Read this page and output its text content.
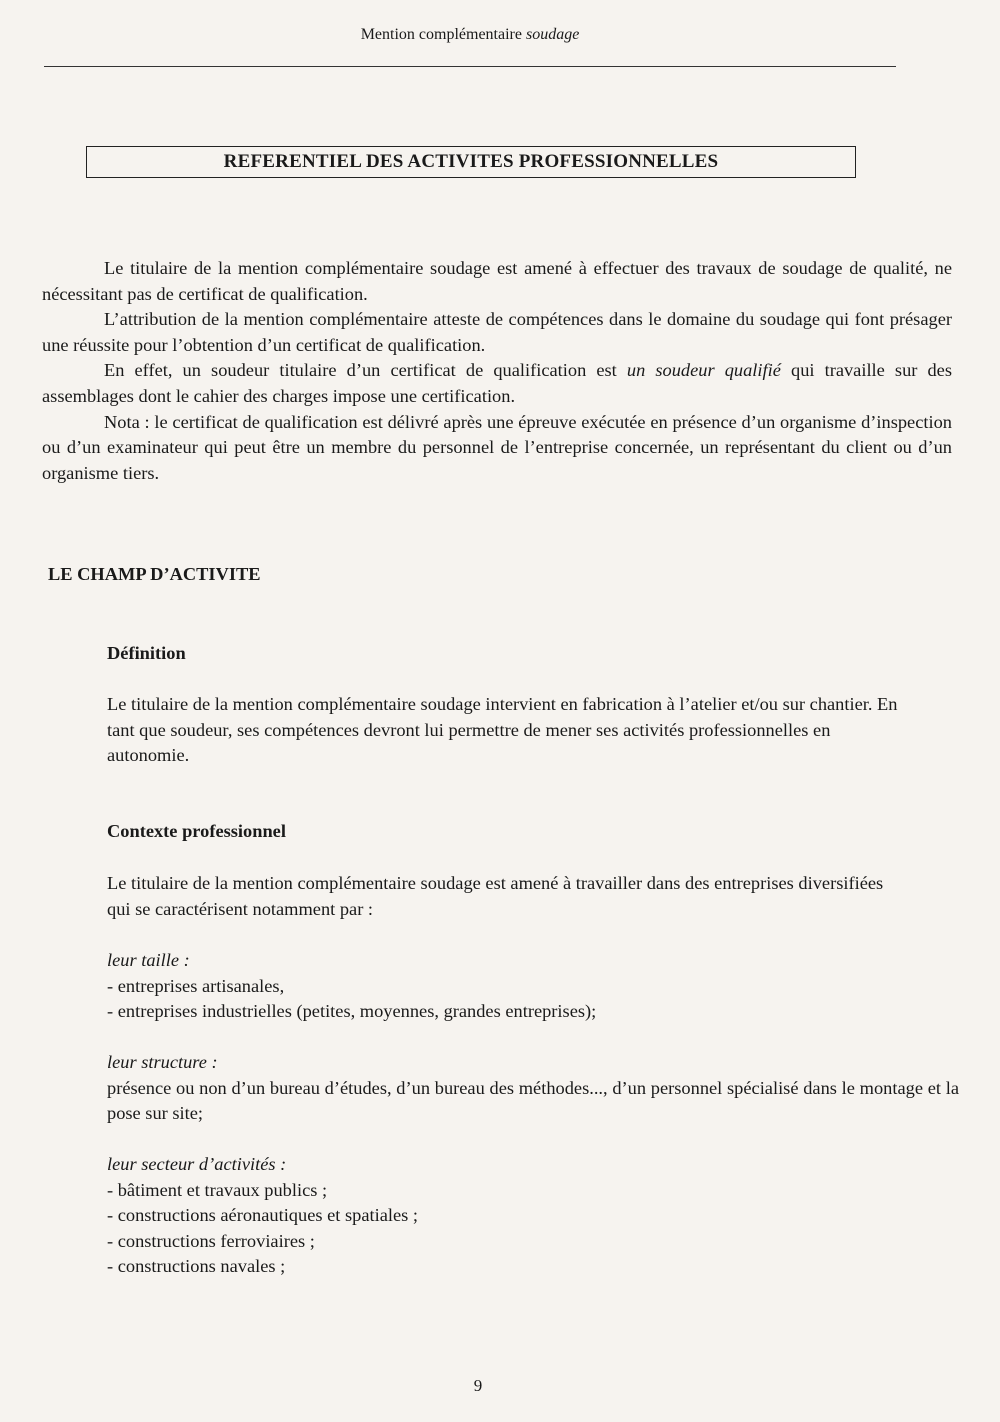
Mention complémentaire soudage
REFERENTIEL DES ACTIVITES PROFESSIONNELLES

Le titulaire de la mention complémentaire soudage est amené à effectuer des travaux de soudage de qualité, ne nécessitant pas de certificat de qualification.

L’attribution de la mention complémentaire atteste de compétences dans le domaine du soudage qui font présager une réussite pour l’obtention d’un certificat de qualification.

En effet, un soudeur titulaire d’un certificat de qualification est un soudeur qualifié qui travaille sur des assemblages dont le cahier des charges impose une certification.

Nota : le certificat de qualification est délivré après une épreuve exécutée en présence d’un organisme d’inspection ou d’un examinateur qui peut être un membre du personnel de l’entreprise concernée, un représentant du client ou d’un organisme tiers.

LE CHAMP D’ACTIVITE
Définition

Le titulaire de la mention complémentaire soudage intervient en fabrication à l’atelier et/ou sur chantier. En tant que soudeur, ses compétences devront lui permettre de mener ses activités professionnelles en autonomie.

Contexte professionnel

Le titulaire de la mention complémentaire soudage est amené à travailler dans des entreprises diversifiées qui se caractérisent notamment par :

leur taille :
- entreprises artisanales,
- entreprises industrielles (petites, moyennes, grandes entreprises);
leur structure :
présence ou non d’un bureau d’études, d’un bureau des méthodes..., d’un personnel spécialisé dans le montage et la pose sur site;
leur secteur d’activités :
- bâtiment et travaux publics ;
- constructions aéronautiques et spatiales ;
- constructions ferroviaires ;
- constructions navales ;
9
